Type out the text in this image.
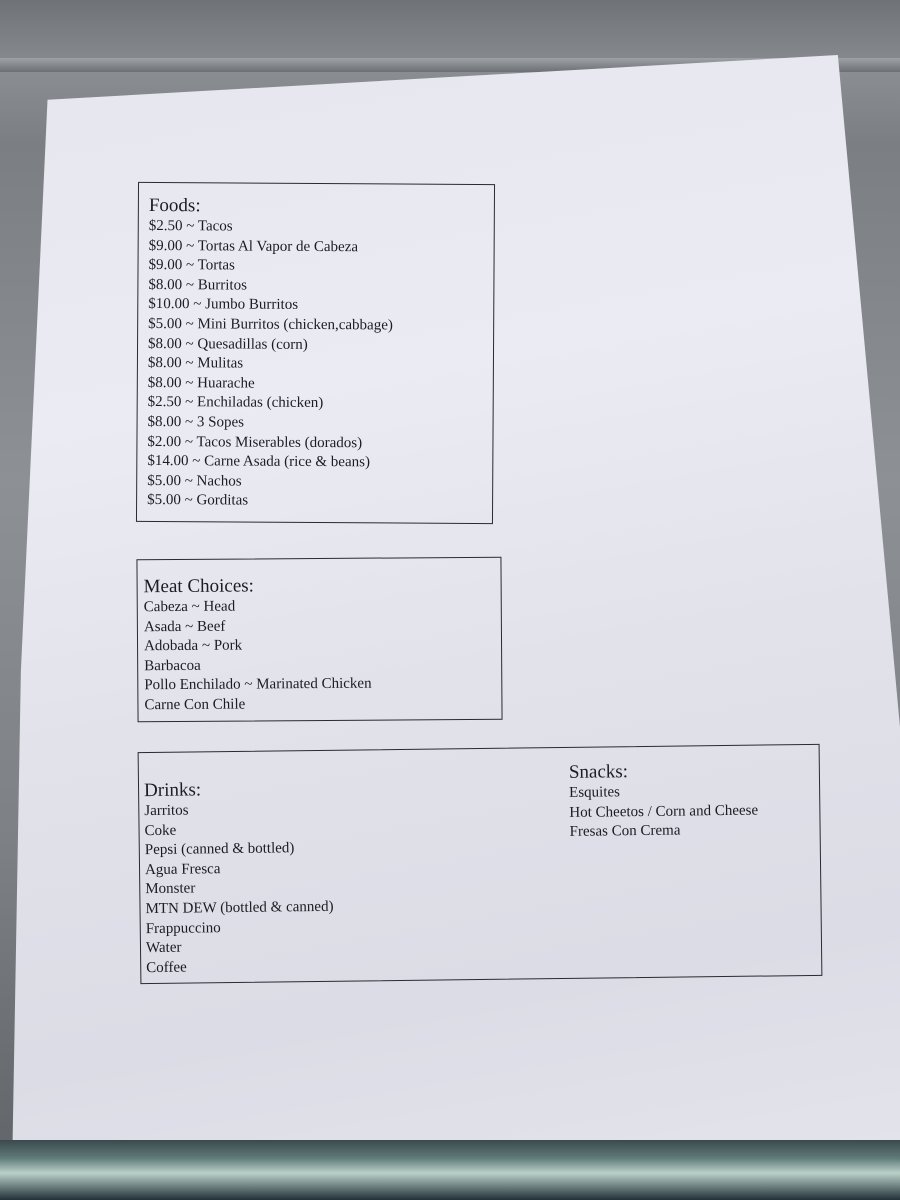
Foods:
$2.50 ~ Tacos
$9.00 ~ Tortas Al Vapor de Cabeza
$9.00 ~ Tortas
$8.00 ~ Burritos
$10.00 ~ Jumbo Burritos
$5.00 ~ Mini Burritos (chicken,cabbage)
$8.00 ~ Quesadillas (corn)
$8.00 ~ Mulitas
$8.00 ~ Huarache
$2.50 ~ Enchiladas (chicken)
$8.00 ~ 3 Sopes
$2.00 ~ Tacos Miserables (dorados)
$14.00 ~ Carne Asada (rice & beans)
$5.00 ~ Nachos
$5.00 ~ Gorditas
Meat Choices:
Cabeza ~ Head
Asada ~ Beef
Adobada ~ Pork
Barbacoa
Pollo Enchilado ~ Marinated Chicken
Carne Con Chile
Drinks:
Jarritos
Coke
Pepsi (canned & bottled)
Agua Fresca
Monster
MTN DEW (bottled & canned)
Frappuccino
Water
Coffee
Snacks:
Esquites
Hot Cheetos / Corn and Cheese
Fresas Con Crema
